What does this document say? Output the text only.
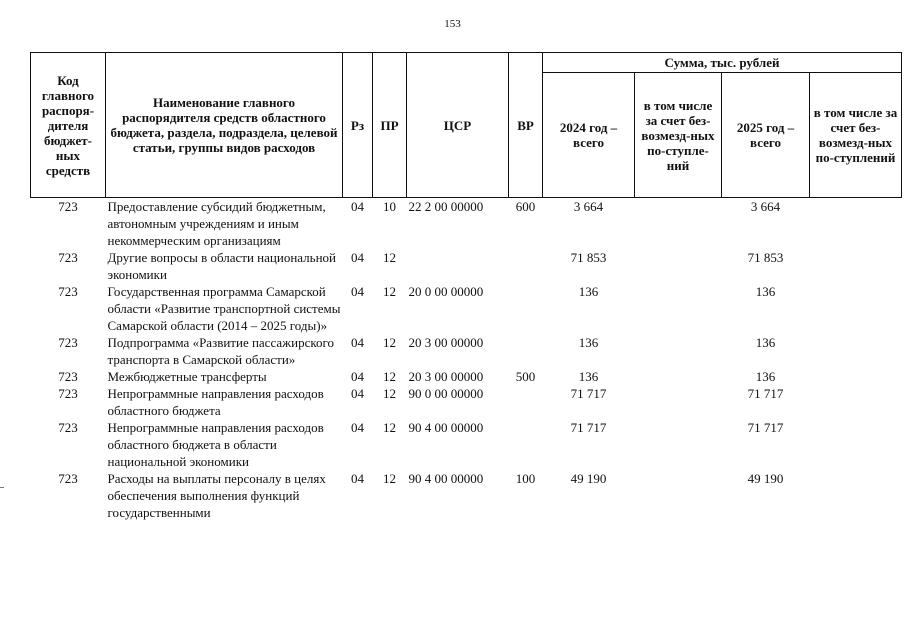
153
Код главного распоря-дителя бюджет-ных средств	Наименование главного распорядителя средств областного бюджета, раздела, подраздела, целевой статьи, группы видов расходов	Рз	ПР	ЦСР	ВР	Сумма, тыс. рублей			
						2024 год – всего	в том числе за счет без-возмезд-ных по-ступле-ний	2025 год – всего	в том числе за счет без-возмезд-ных по-ступлений
723	Предоставление субсидий бюджетным, автономным учреждениям и иным некоммерческим организациям	04	10	22 2 00 00000	600	3 664		3 664	
723	Другие вопросы в области национальной экономики	04	12			71 853		71 853	
723	Государственная программа Самарской области «Развитие транспортной системы Самарской области (2014 – 2025 годы)»	04	12	20 0 00 00000		136		136	
723	Подпрограмма «Развитие пассажирского транспорта в Самарской области»	04	12	20 3 00 00000		136		136	
723	Межбюджетные трансферты	04	12	20 3 00 00000	500	136		136	
723	Непрограммные направления расходов областного бюджета	04	12	90 0 00 00000		71 717		71 717	
723	Непрограммные направления расходов областного бюджета в области национальной экономики	04	12	90 4 00 00000		71 717		71 717	
723	Расходы на выплаты персоналу в целях обеспечения выполнения функций государственными	04	12	90 4 00 00000	100	49 190		49 190	
